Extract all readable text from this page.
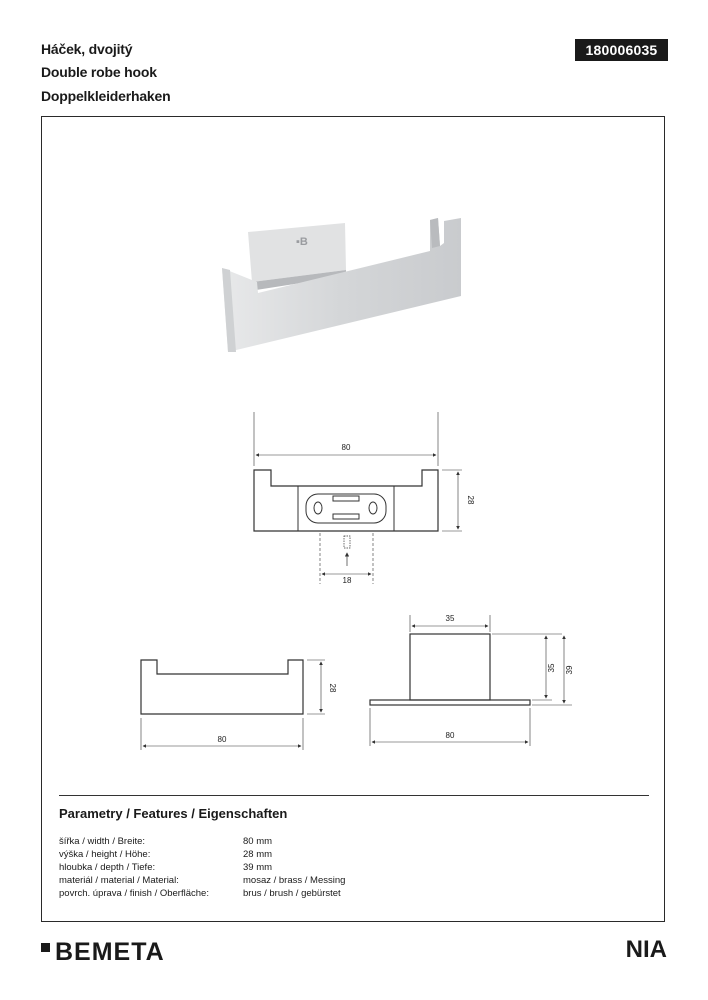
Háček, dvojitý
Double robe hook
Doppelkleiderhaken
180006035
▪B
80
28
18
28
80
35
35 39
80
Parametry / Features / Eigenschaften
šířka / width / Breite:	80 mm
výška / height / Höhe:	28 mm
hloubka / depth / Tiefe:	39 mm
materiál / material / Material:	mosaz / brass / Messing
povrch. úprava / finish / Oberfläche:	brus / brush / gebürstet
BEMETA	NIA
